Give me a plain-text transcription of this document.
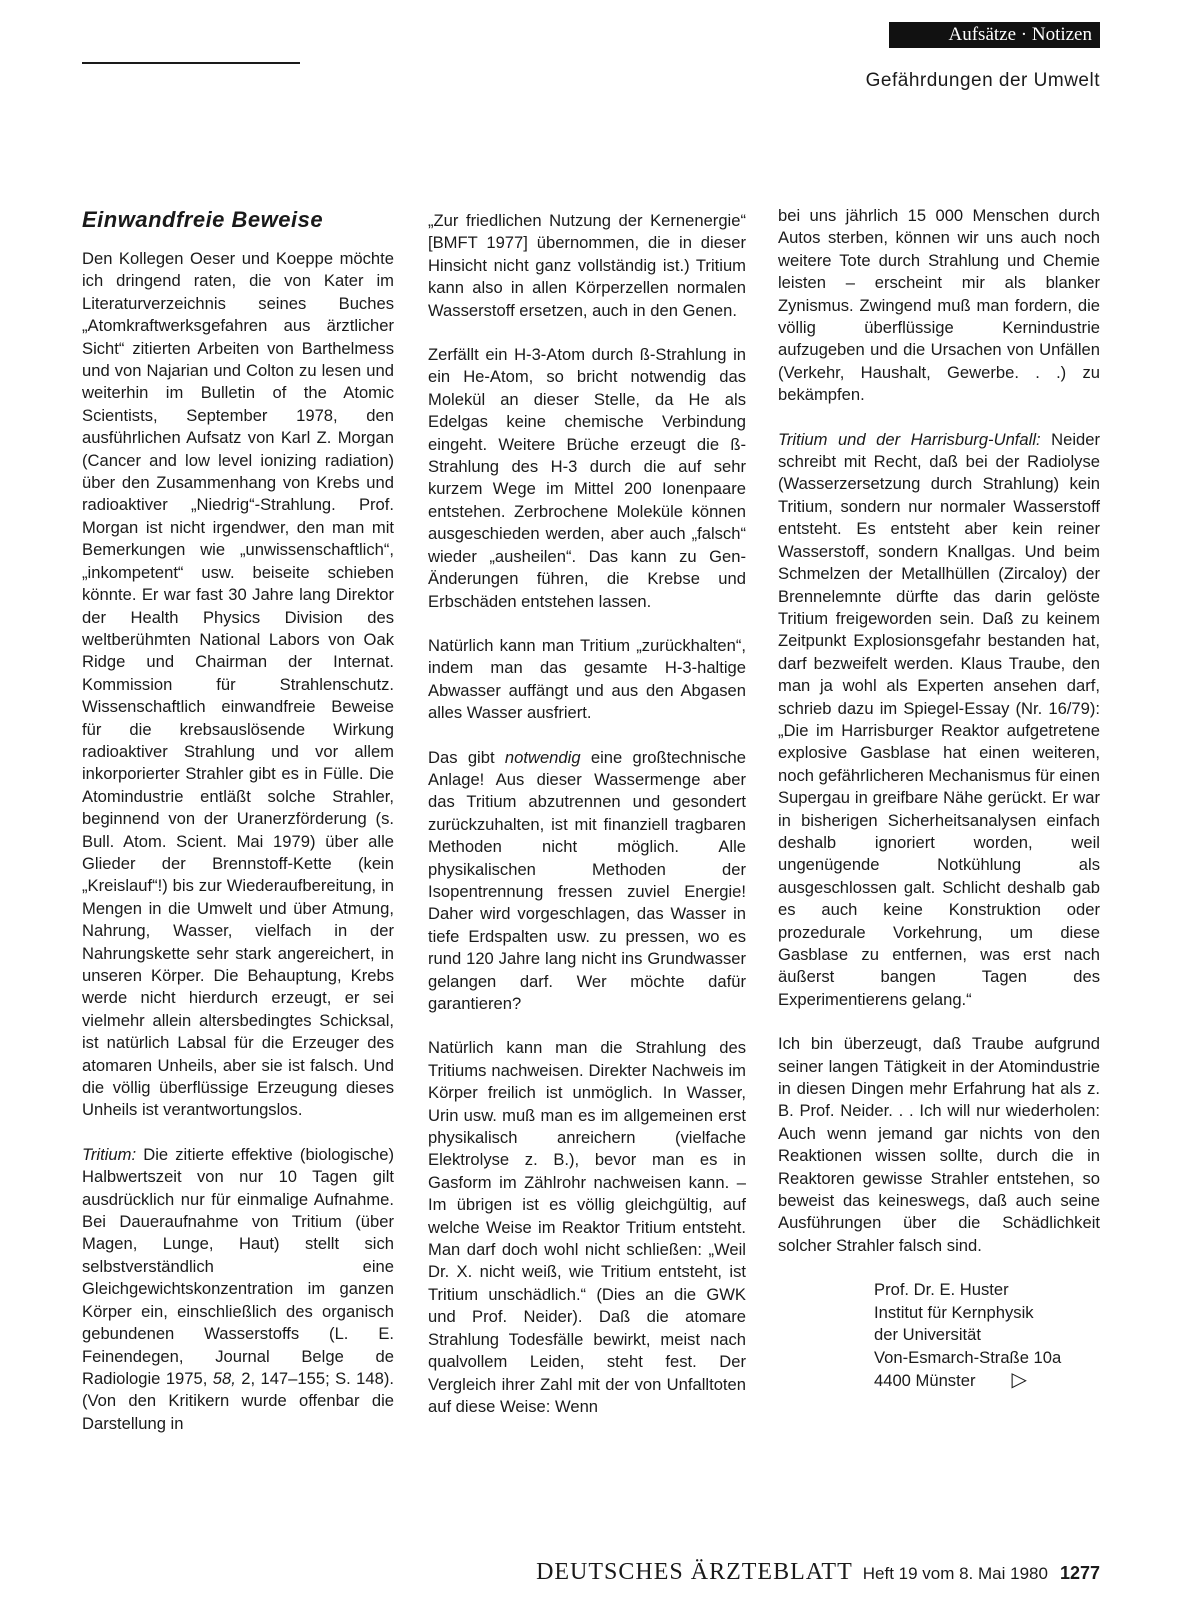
Aufsätze · Notizen
Gefährdungen der Umwelt
Einwandfreie Beweise

Den Kollegen Oeser und Koeppe möchte ich dringend raten, die von Kater im Literaturverzeichnis seines Buches „Atomkraftwerksgefahren aus ärztlicher Sicht“ zitierten Arbeiten von Barthelmess und von Najarian und Colton zu lesen und weiterhin im Bulletin of the Atomic Scientists, September 1978, den ausführlichen Aufsatz von Karl Z. Morgan (Cancer and low level ionizing radiation) über den Zusammenhang von Krebs und radioaktiver „Niedrig“-Strahlung. Prof. Morgan ist nicht irgendwer, den man mit Bemerkungen wie „unwissenschaftlich“, „inkompetent“ usw. beiseite schieben könnte. Er war fast 30 Jahre lang Direktor der Health Physics Division des weltberühmten National Labors von Oak Ridge und Chairman der Internat. Kommission für Strahlenschutz. Wissenschaftlich einwandfreie Beweise für die krebsauslösende Wirkung radioaktiver Strahlung und vor allem inkorporierter Strahler gibt es in Fülle. Die Atomindustrie entläßt solche Strahler, beginnend von der Uranerzförderung (s. Bull. Atom. Scient. Mai 1979) über alle Glieder der Brennstoff-Kette (kein „Kreislauf“!) bis zur Wiederaufbereitung, in Mengen in die Umwelt und über Atmung, Nahrung, Wasser, vielfach in der Nahrungskette sehr stark angereichert, in unseren Körper. Die Behauptung, Krebs werde nicht hierdurch erzeugt, er sei vielmehr allein altersbedingtes Schicksal, ist natürlich Labsal für die Erzeuger des atomaren Unheils, aber sie ist falsch. Und die völlig überflüssige Erzeugung dieses Unheils ist verantwortungslos.

Tritium: Die zitierte effektive (biologische) Halbwertszeit von nur 10 Tagen gilt ausdrücklich nur für einmalige Aufnahme. Bei Daueraufnahme von Tritium (über Magen, Lunge, Haut) stellt sich selbstverständlich eine Gleichgewichtskonzentration im ganzen Körper ein, einschließlich des organisch gebundenen Wasserstoffs (L. E. Feinendegen, Journal Belge de Radiologie 1975, 58, 2, 147–155; S. 148). (Von den Kritikern wurde offenbar die Darstellung in

„Zur friedlichen Nutzung der Kernenergie“ [BMFT 1977] übernommen, die in dieser Hinsicht nicht ganz vollständig ist.) Tritium kann also in allen Körperzellen normalen Wasserstoff ersetzen, auch in den Genen.

Zerfällt ein H-3-Atom durch ß-Strahlung in ein He-Atom, so bricht notwendig das Molekül an dieser Stelle, da He als Edelgas keine chemische Verbindung eingeht. Weitere Brüche erzeugt die ß-Strahlung des H-3 durch die auf sehr kurzem Wege im Mittel 200 Ionenpaare entstehen. Zerbrochene Moleküle können ausgeschieden werden, aber auch „falsch“ wieder „ausheilen“. Das kann zu Gen-Änderungen führen, die Krebse und Erbschäden entstehen lassen.

Natürlich kann man Tritium „zurückhalten“, indem man das gesamte H-3-haltige Abwasser auffängt und aus den Abgasen alles Wasser ausfriert.

Das gibt notwendig eine großtechnische Anlage! Aus dieser Wassermenge aber das Tritium abzutrennen und gesondert zurückzuhalten, ist mit finanziell tragbaren Methoden nicht möglich. Alle physikalischen Methoden der Isopentrennung fressen zuviel Energie! Daher wird vorgeschlagen, das Wasser in tiefe Erdspalten usw. zu pressen, wo es rund 120 Jahre lang nicht ins Grundwasser gelangen darf. Wer möchte dafür garantieren?

Natürlich kann man die Strahlung des Tritiums nachweisen. Direkter Nachweis im Körper freilich ist unmöglich. In Wasser, Urin usw. muß man es im allgemeinen erst physikalisch anreichern (vielfache Elektrolyse z. B.), bevor man es in Gasform im Zählrohr nachweisen kann. – Im übrigen ist es völlig gleichgültig, auf welche Weise im Reaktor Tritium entsteht. Man darf doch wohl nicht schließen: „Weil Dr. X. nicht weiß, wie Tritium entsteht, ist Tritium unschädlich.“ (Dies an die GWK und Prof. Neider). Daß die atomare Strahlung Todesfälle bewirkt, meist nach qualvollem Leiden, steht fest. Der Vergleich ihrer Zahl mit der von Unfalltoten auf diese Weise: Wenn

bei uns jährlich 15 000 Menschen durch Autos sterben, können wir uns auch noch weitere Tote durch Strahlung und Chemie leisten – erscheint mir als blanker Zynismus. Zwingend muß man fordern, die völlig überflüssige Kernindustrie aufzugeben und die Ursachen von Unfällen (Verkehr, Haushalt, Gewerbe. . .) zu bekämpfen.

Tritium und der Harrisburg-Unfall: Neider schreibt mit Recht, daß bei der Radiolyse (Wasserzersetzung durch Strahlung) kein Tritium, sondern nur normaler Wasserstoff entsteht. Es entsteht aber kein reiner Wasserstoff, sondern Knallgas. Und beim Schmelzen der Metallhüllen (Zircaloy) der Brennelemnte dürfte das darin gelöste Tritium freigeworden sein. Daß zu keinem Zeitpunkt Explosionsgefahr bestanden hat, darf bezweifelt werden. Klaus Traube, den man ja wohl als Experten ansehen darf, schrieb dazu im Spiegel-Essay (Nr. 16/79): „Die im Harrisburger Reaktor aufgetretene explosive Gasblase hat einen weiteren, noch gefährlicheren Mechanismus für einen Supergau in greifbare Nähe gerückt. Er war in bisherigen Sicherheitsanalysen einfach deshalb ignoriert worden, weil ungenügende Notkühlung als ausgeschlossen galt. Schlicht deshalb gab es auch keine Konstruktion oder prozedurale Vorkehrung, um diese Gasblase zu entfernen, was erst nach äußerst bangen Tagen des Experimentierens gelang.“

Ich bin überzeugt, daß Traube aufgrund seiner langen Tätigkeit in der Atomindustrie in diesen Dingen mehr Erfahrung hat als z. B. Prof. Neider. . . Ich will nur wiederholen: Auch wenn jemand gar nichts von den Reaktionen wissen sollte, durch die in Reaktoren gewisse Strahler entstehen, so beweist das keineswegs, daß auch seine Ausführungen über die Schädlichkeit solcher Strahler falsch sind.

Prof. Dr. E. Huster
Institut für Kernphysik
der Universität
Von-Esmarch-Straße 10a
4400 Münster ▷
DEUTSCHES ÄRZTEBLATT Heft 19 vom 8. Mai 1980 1277
